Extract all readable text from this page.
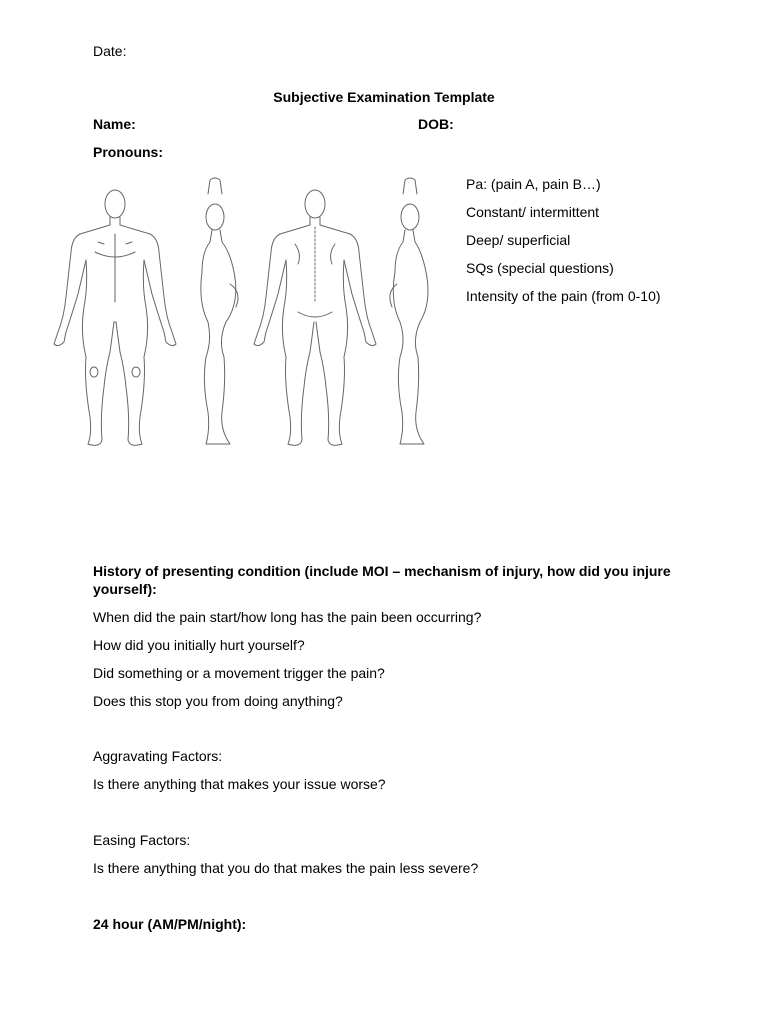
Date:

Subjective Examination Template

Name:	DOB:

Pronouns:

Pa: (pain A, pain B…)

Constant/ intermittent

Deep/ superficial

SQs (special questions)

Intensity of the pain (from 0-10)

History of presenting condition (include MOI – mechanism of injury, how did you injure yourself):

When did the pain start/how long has the pain been occurring?

How did you initially hurt yourself?

Did something or a movement trigger the pain?

Does this stop you from doing anything?

Aggravating Factors:

Is there anything that makes your issue worse?

Easing Factors:

Is there anything that you do that makes the pain less severe?

24 hour (AM/PM/night):
